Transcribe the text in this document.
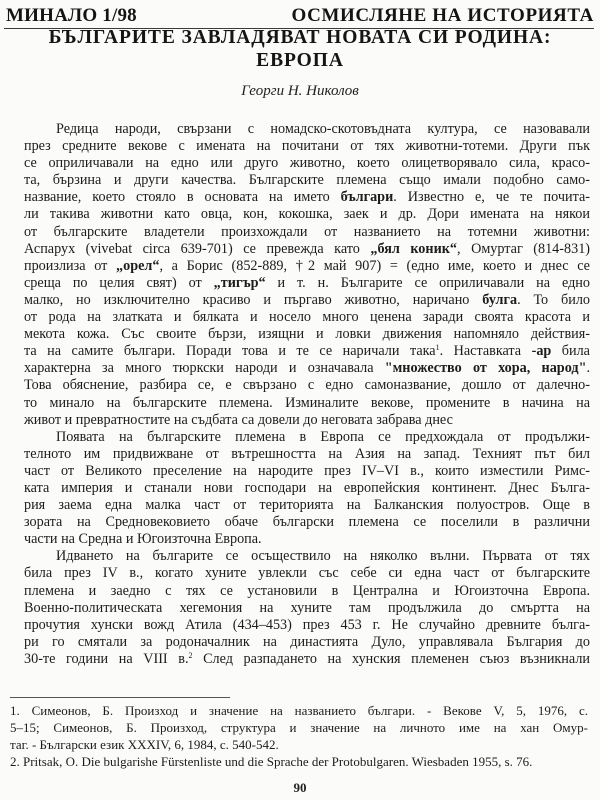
МИНАЛО 1/98	ОСМИСЛЯНЕ НА ИСТОРИЯТА
БЪЛГАРИТЕ ЗАВЛАДЯВАТ НОВАТА СИ РОДИНА:
ЕВРОПА
Георги Н. Николов
Редица народи, свързани с номадско-скотовъдната култура, се назовавали
през средните векове с имената на почитани от тях животни-тотеми. Други пък
се оприличавали на едно или друго животно, което олицетворявало сила, красо-
та, бързина и други качества. Българските племена също имали подобно само-
название, което стояло в основата на името българи. Известно е, че те почита-
ли такива животни като овца, кон, кокошка, заек и др. Дори имената на някои
от българските владетели произхождали от названието на тотемни животни:
Аспарух (vivebat circa 639-701) се превежда като „бял коник“, Омуртаг (814-831)
произлиза от „орел“, а Борис (852-889, †2 май 907) = (едно име, което и днес се
среща по целия свят) от „тигър“ и т. н. Българите се оприличавали на едно
малко, но изключително красиво и пъргаво животно, наричано булга. То било
от рода на златката и бялката и носело много ценена заради своята красота и
мекота кожа. Със своите бързи, изящни и ловки движения напомняло действия-
та на самите българи. Поради това и те се наричали така$^1$. Наставката -ар била
характерна за много тюркски народи и означавала "множество от хора, народ".
Това обяснение, разбира се, е свързано с едно самоназвание, дошло от далечно-
то минало на българските племена. Изминалите векове, промените в начина на
живот и превратностите на съдбата са довели до неговата забрава днес
Появата на българските племена в Европа се предхождала от продължи-
телното им придвижване от вътрешността на Азия на запад. Техният път бил
част от Великото преселение на народите през IV–VI в., които изместили Римс-
ката империя и станали нови господари на европейския континент. Днес Бълга-
рия заема една малка част от територията на Балканския полуостров. Още в
зората на Средновековието обаче български племена се поселили в различни
части на Средна и Югоизточна Европа.
Идването на българите се осъществило на няколко вълни. Първата от тях
била през IV в., когато хуните увлекли със себе си една част от българските
племена и заедно с тях се установили в Централна и Югоизточна Европа.
Военно-политическата хегемония на хуните там продължила до смъртта на
прочутия хунски вожд Атила (434–453) през 453 г. Не случайно древните бълга-
ри го смятали за родоначалник на династията Дуло, управлявала България до
30-те години на VIII в.$^2$ След разпадането на хунския племенен съюз възникнали
1. Симеонов, Б. Произход и значение на названието българи. - Векове V, 5, 1976, с.
5–15; Симеонов, Б. Произход, структура и значение на личното име на хан Омур-
таг. - Български език XXXIV, 6, 1984, с. 540-542.
2. Pritsak, O. Die bulgarishe Fürstenliste und die Sprache der Protobulgaren. Wiesbaden 1955, s. 76.
90
